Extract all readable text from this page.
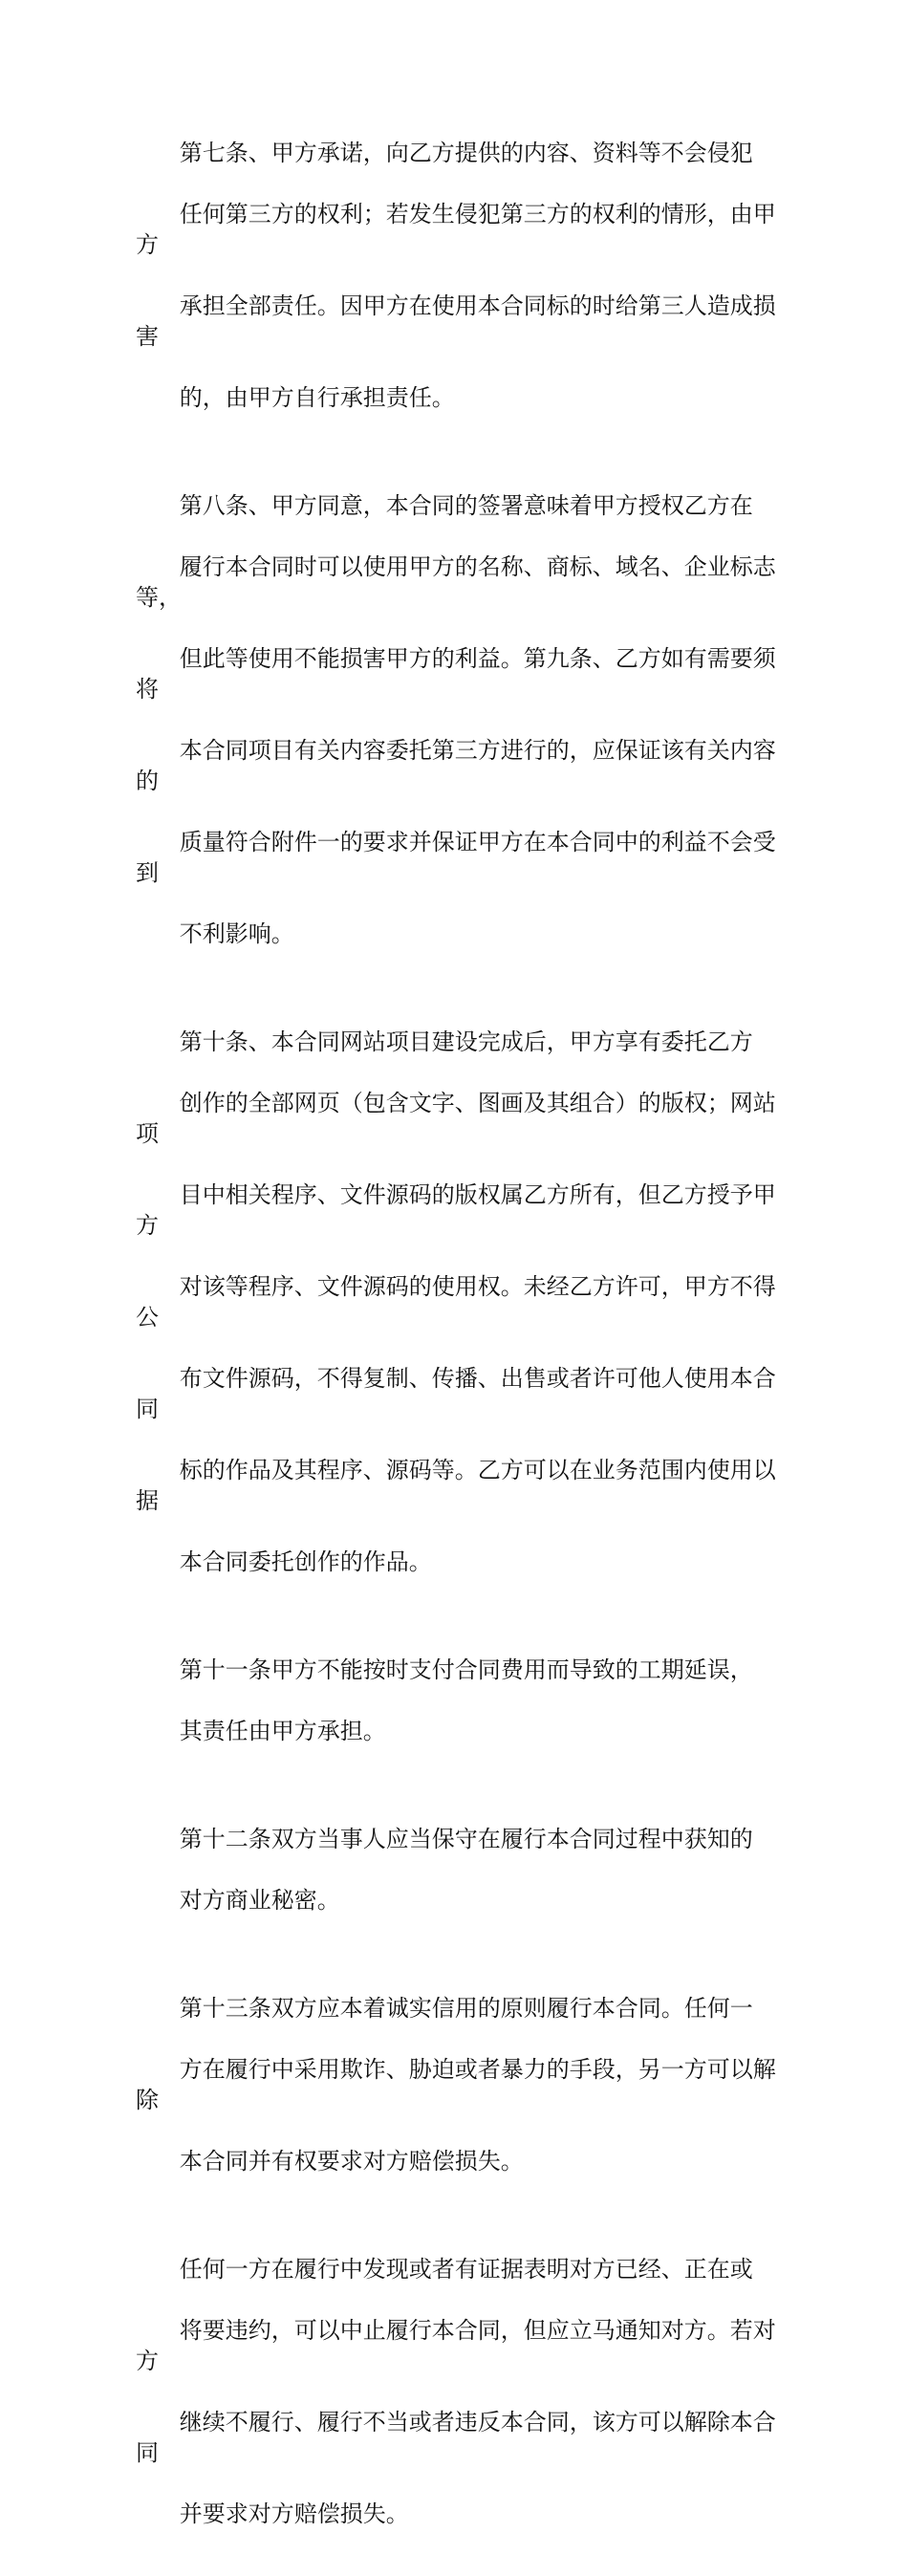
第七条、甲方承诺，向乙方提供的内容、资料等不会侵犯

任何第三方的权利；若发生侵犯第三方的权利的情形，由甲方

承担全部责任。因甲方在使用本合同标的时给第三人造成损害

的，由甲方自行承担责任。

第八条、甲方同意，本合同的签署意味着甲方授权乙方在

履行本合同时可以使用甲方的名称、商标、域名、企业标志等，

但此等使用不能损害甲方的利益。第九条、乙方如有需要须将

本合同项目有关内容委托第三方进行的，应保证该有关内容的

质量符合附件一的要求并保证甲方在本合同中的利益不会受到

不利影响。

第十条、本合同网站项目建设完成后，甲方享有委托乙方

创作的全部网页（包含文字、图画及其组合）的版权；网站项

目中相关程序、文件源码的版权属乙方所有，但乙方授予甲方

对该等程序、文件源码的使用权。未经乙方许可，甲方不得公

布文件源码，不得复制、传播、出售或者许可他人使用本合同

标的作品及其程序、源码等。乙方可以在业务范围内使用以据

本合同委托创作的作品。

第十一条甲方不能按时支付合同费用而导致的工期延误，

其责任由甲方承担。

第十二条双方当事人应当保守在履行本合同过程中获知的

对方商业秘密。

第十三条双方应本着诚实信用的原则履行本合同。任何一

方在履行中采用欺诈、胁迫或者暴力的手段，另一方可以解除

本合同并有权要求对方赔偿损失。

任何一方在履行中发现或者有证据表明对方已经、正在或

将要违约，可以中止履行本合同，但应立马通知对方。若对方

继续不履行、履行不当或者违反本合同，该方可以解除本合同

并要求对方赔偿损失。
